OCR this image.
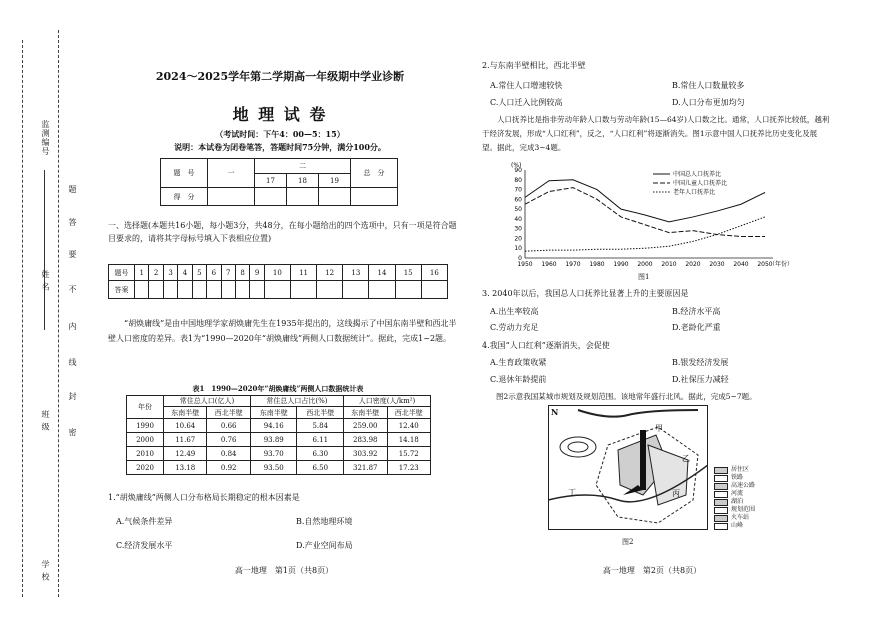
监测编号
姓 名
班 级
学 校
题
答
要
不
内
线
封
密
2024～2025学年第二学期高一年级期中学业诊断
地 理 试 卷
（考试时间：下午4：00—5：15）
说明：本试卷为闭卷笔答，答题时间75分钟，满分100分。
题　号	一	二			总　分
		17	18	19	
得　分					
一、选择题(本题共16小题，每小题3分，共48分，在每小题给出的四个选项中，只有一项是符合题目要求的，请将其字母标号填入下表相应位置)
题号	1	2	3	4	5	6	7	8	9	10	11	12	13	14	15	16
答案																
“胡焕庸线”是由中国地理学家胡焕庸先生在1935年提出的，这线揭示了中国东南半壁和西北半壁人口密度的差异。表1为“1990—2020年“胡焕庸线”两侧人口数据统计”。据此，完成1~2题。
表1　1990—2020年“胡焕庸线”两侧人口数据统计表
年份	常住总人口(亿人)		常住总人口占比(%)		人口密度(人/km²)	
	东南半壁	西北半壁	东南半壁	西北半壁	东南半壁	西北半壁
1990	10.64	0.66	94.16	5.84	259.00	12.40
2000	11.67	0.76	93.89	6.11	283.98	14.18
2010	12.49	0.84	93.70	6.30	303.92	15.72
2020	13.18	0.92	93.50	6.50	321.87	17.23
1.“胡焕庸线”两侧人口分布格局长期稳定的根本因素是
A.气候条件差异	B.自然地理环境
C.经济发展水平	D.产业空间布局
高一地理　第1页（共8页）
2.与东南半壁相比，西北半壁
A.常住人口增速较快	B.常住人口数量较多
C.人口迁入比例较高	D.人口分布更加均匀
人口抚养比是指非劳动年龄人口数与劳动年龄(15—64岁)人口数之比。通常，人口抚养比较低，越利于经济发展，形成“人口红利”，反之，“人口红利”将逐渐消失。图1示意中国人口抚养比历史变化及展望。据此，完成3~4题。
0
10
20
30
40
50
60
70
80
90
1950 1960 1970 1980 1990 2000 2010 2020 2030 2040 2050
(%)
（年份）
中国总人口抚养比
中国儿童人口抚养比
老年人口抚养比
图1
3. 2040年以后，我国总人口抚养比显著上升的主要原因是
A.出生率较高	B.经济水平高
C.劳动力充足	D.老龄化严重
4.我国“人口红利”逐渐消失，会促使
A.生育政策收紧	B.银发经济发展
C.退休年龄提前	D.社保压力减轻
图2示意我国某城市规划及规划范围。该地常年盛行北风。据此，完成5~7题。
N
甲
乙
丙
丁
居住区
铁路
高速公路
河流
湖泊
规划范围
火车站
山峰
图2
高一地理　第2页（共8页）
